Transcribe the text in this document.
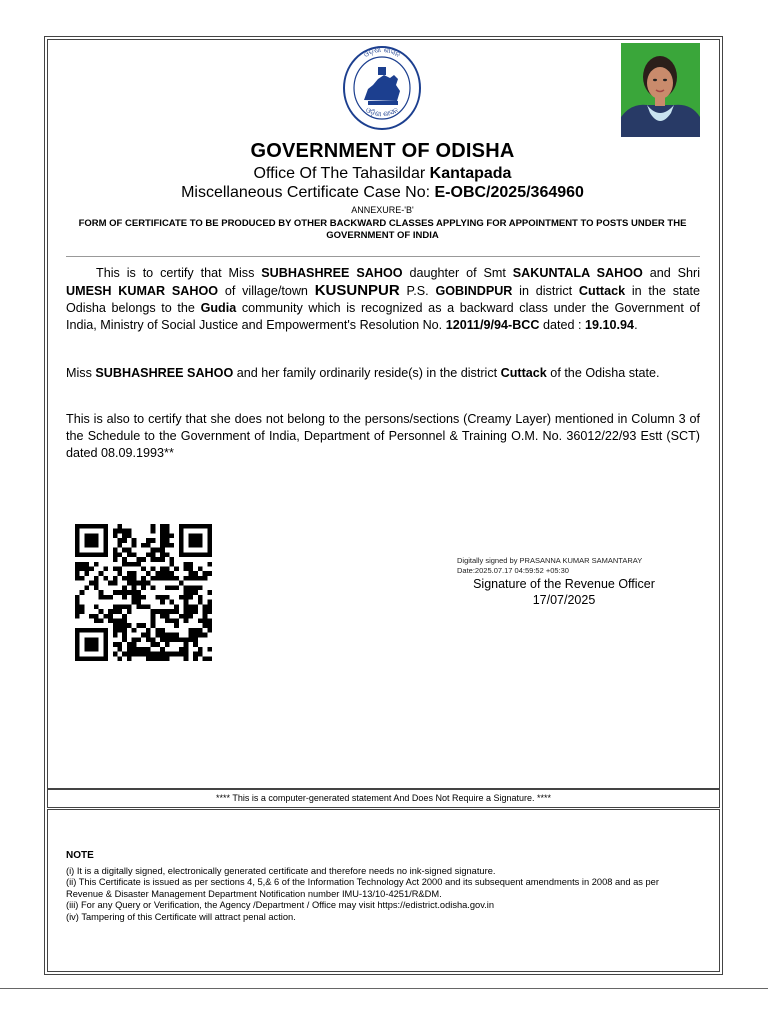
ଓଡ଼ିଶା ଶାସନ
ଓଡ଼ିଶା ଶାସନ
GOVERNMENT OF ODISHA
Office Of The Tahasildar Kantapada
Miscellaneous Certificate Case No: E-OBC/2025/364960
ANNEXURE-'B'
FORM OF CERTIFICATE TO BE PRODUCED BY OTHER BACKWARD CLASSES APPLYING FOR APPOINTMENT TO POSTS UNDER THE GOVERNMENT OF INDIA
This is to certify that Miss SUBHASHREE SAHOO daughter of Smt SAKUNTALA SAHOO and Shri UMESH KUMAR SAHOO of village/town KUSUNPUR P.S. GOBINDPUR in district Cuttack in the state Odisha belongs to the Gudia community which is recognized as a backward class under the Government of India, Ministry of Social Justice and Empowerment's Resolution No. 12011/9/94-BCC dated : 19.10.94.
Miss SUBHASHREE SAHOO and her family ordinarily reside(s) in the district Cuttack of the Odisha state.
This is also to certify that she does not belong to the persons/sections (Creamy Layer) mentioned in Column 3 of the Schedule to the Government of India, Department of Personnel & Training O.M. No. 36012/22/93 Estt (SCT) dated 08.09.1993**
Digitally signed by PRASANNA KUMAR SAMANTARAY
Date:2025.07.17 04:59:52 +05:30
Signature of the Revenue Officer
17/07/2025
**** This is a computer-generated statement And Does Not Require a Signature. ****
NOTE
(i) It is a digitally signed, electronically generated certificate and therefore needs no ink-signed signature.
(ii) This Certificate is issued as per sections 4, 5,& 6 of the Information Technology Act 2000 and its subsequent amendments in 2008 and as per Revenue & Disaster Management Department Notification number IMU-13/10-4251/R&DM.
(iii) For any Query or Verification, the Agency /Department / Office may visit https://edistrict.odisha.gov.in
(iv) Tampering of this Certificate will attract penal action.
